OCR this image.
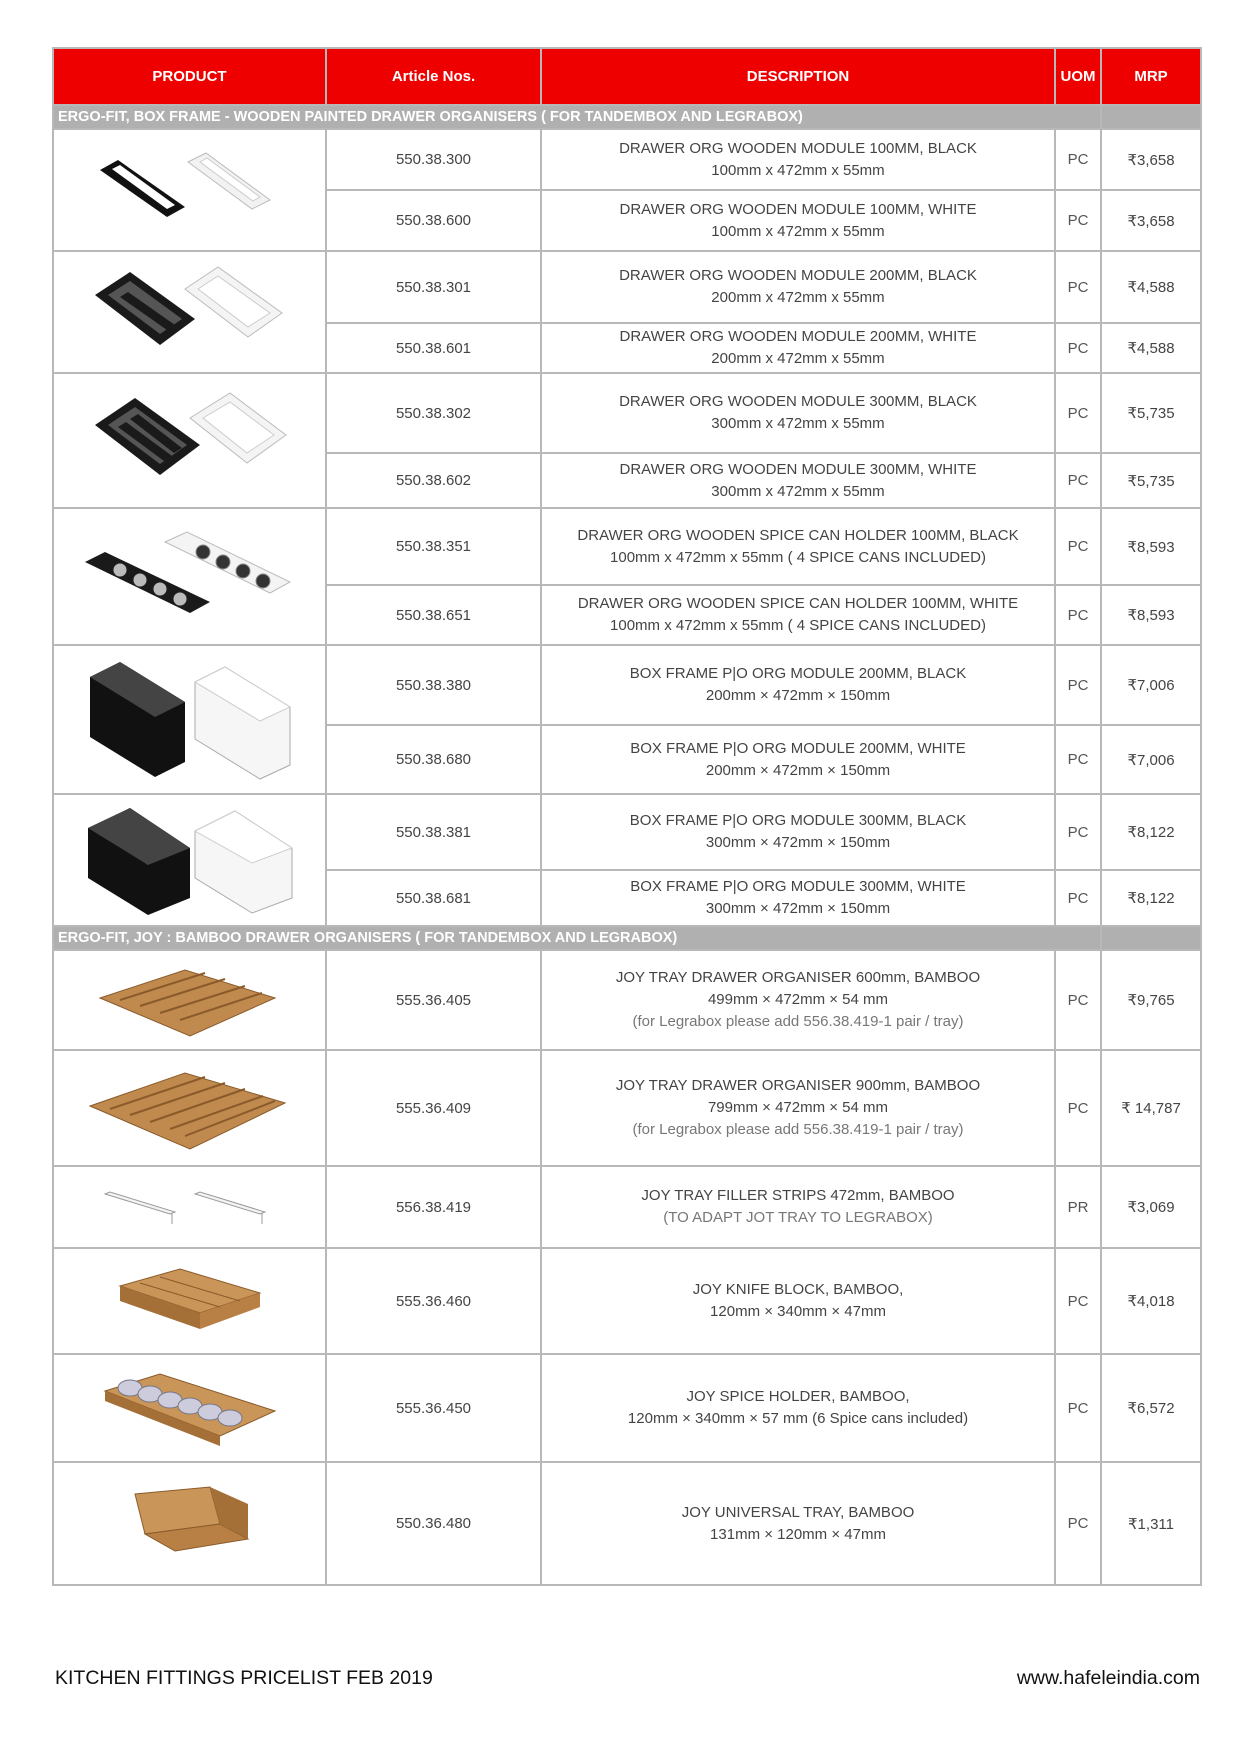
PRODUCT	Article Nos.	DESCRIPTION	UOM	MRP
ERGO-FIT, BOX FRAME - WOODEN PAINTED DRAWER ORGANISERS ( FOR TANDEMBOX AND LEGRABOX)				

	550.38.300	DRAWER ORG WOODEN MODULE 100MM, BLACK
100mm x 472mm x 55mm	PC	₹3,658
	550.38.600	DRAWER ORG WOODEN MODULE 100MM, WHITE
100mm x 472mm x 55mm	PC	₹3,658

	550.38.301	DRAWER ORG WOODEN MODULE 200MM, BLACK
200mm x 472mm x 55mm	PC	₹4,588
	550.38.601	DRAWER ORG WOODEN MODULE 200MM, WHITE
200mm x 472mm x 55mm	PC	₹4,588

	550.38.302	DRAWER ORG WOODEN MODULE 300MM, BLACK
300mm x 472mm x 55mm	PC	₹5,735
	550.38.602	DRAWER ORG WOODEN MODULE 300MM, WHITE
300mm x 472mm x 55mm	PC	₹5,735

	550.38.351	DRAWER ORG WOODEN SPICE CAN HOLDER 100MM, BLACK
100mm x 472mm x 55mm ( 4 SPICE CANS INCLUDED)	PC	₹8,593
	550.38.651	DRAWER ORG WOODEN SPICE CAN HOLDER 100MM, WHITE
100mm x 472mm x 55mm ( 4 SPICE CANS INCLUDED)	PC	₹8,593

	550.38.380	BOX FRAME P|O ORG MODULE 200MM, BLACK
200mm × 472mm × 150mm	PC	₹7,006
	550.38.680	BOX FRAME P|O ORG MODULE 200MM, WHITE
200mm × 472mm × 150mm	PC	₹7,006

	550.38.381	BOX FRAME P|O ORG MODULE 300MM, BLACK
300mm × 472mm × 150mm	PC	₹8,122
	550.38.681	BOX FRAME P|O ORG MODULE 300MM, WHITE
300mm × 472mm × 150mm	PC	₹8,122
ERGO-FIT, JOY : BAMBOO DRAWER ORGANISERS ( FOR TANDEMBOX AND LEGRABOX)				

	555.36.405	JOY TRAY DRAWER ORGANISER 600mm, BAMBOO
499mm × 472mm × 54 mm
(for Legrabox please add 556.38.419-1 pair / tray)	PC	₹9,765

	555.36.409	JOY TRAY DRAWER ORGANISER 900mm, BAMBOO
799mm × 472mm × 54 mm
(for Legrabox please add 556.38.419-1 pair / tray)	PC	₹ 14,787

	556.38.419	JOY TRAY FILLER STRIPS 472mm, BAMBOO
(TO ADAPT JOT TRAY TO LEGRABOX)	PR	₹3,069

	555.36.460	JOY KNIFE BLOCK, BAMBOO,
120mm × 340mm × 47mm	PC	₹4,018

	555.36.450	JOY SPICE HOLDER, BAMBOO,
120mm × 340mm × 57 mm (6 Spice cans included)	PC	₹6,572

	550.36.480	JOY UNIVERSAL TRAY, BAMBOO
131mm × 120mm × 47mm	PC	₹1,311
KITCHEN FITTINGS PRICELIST FEB 2019	www.hafeleindia.com
